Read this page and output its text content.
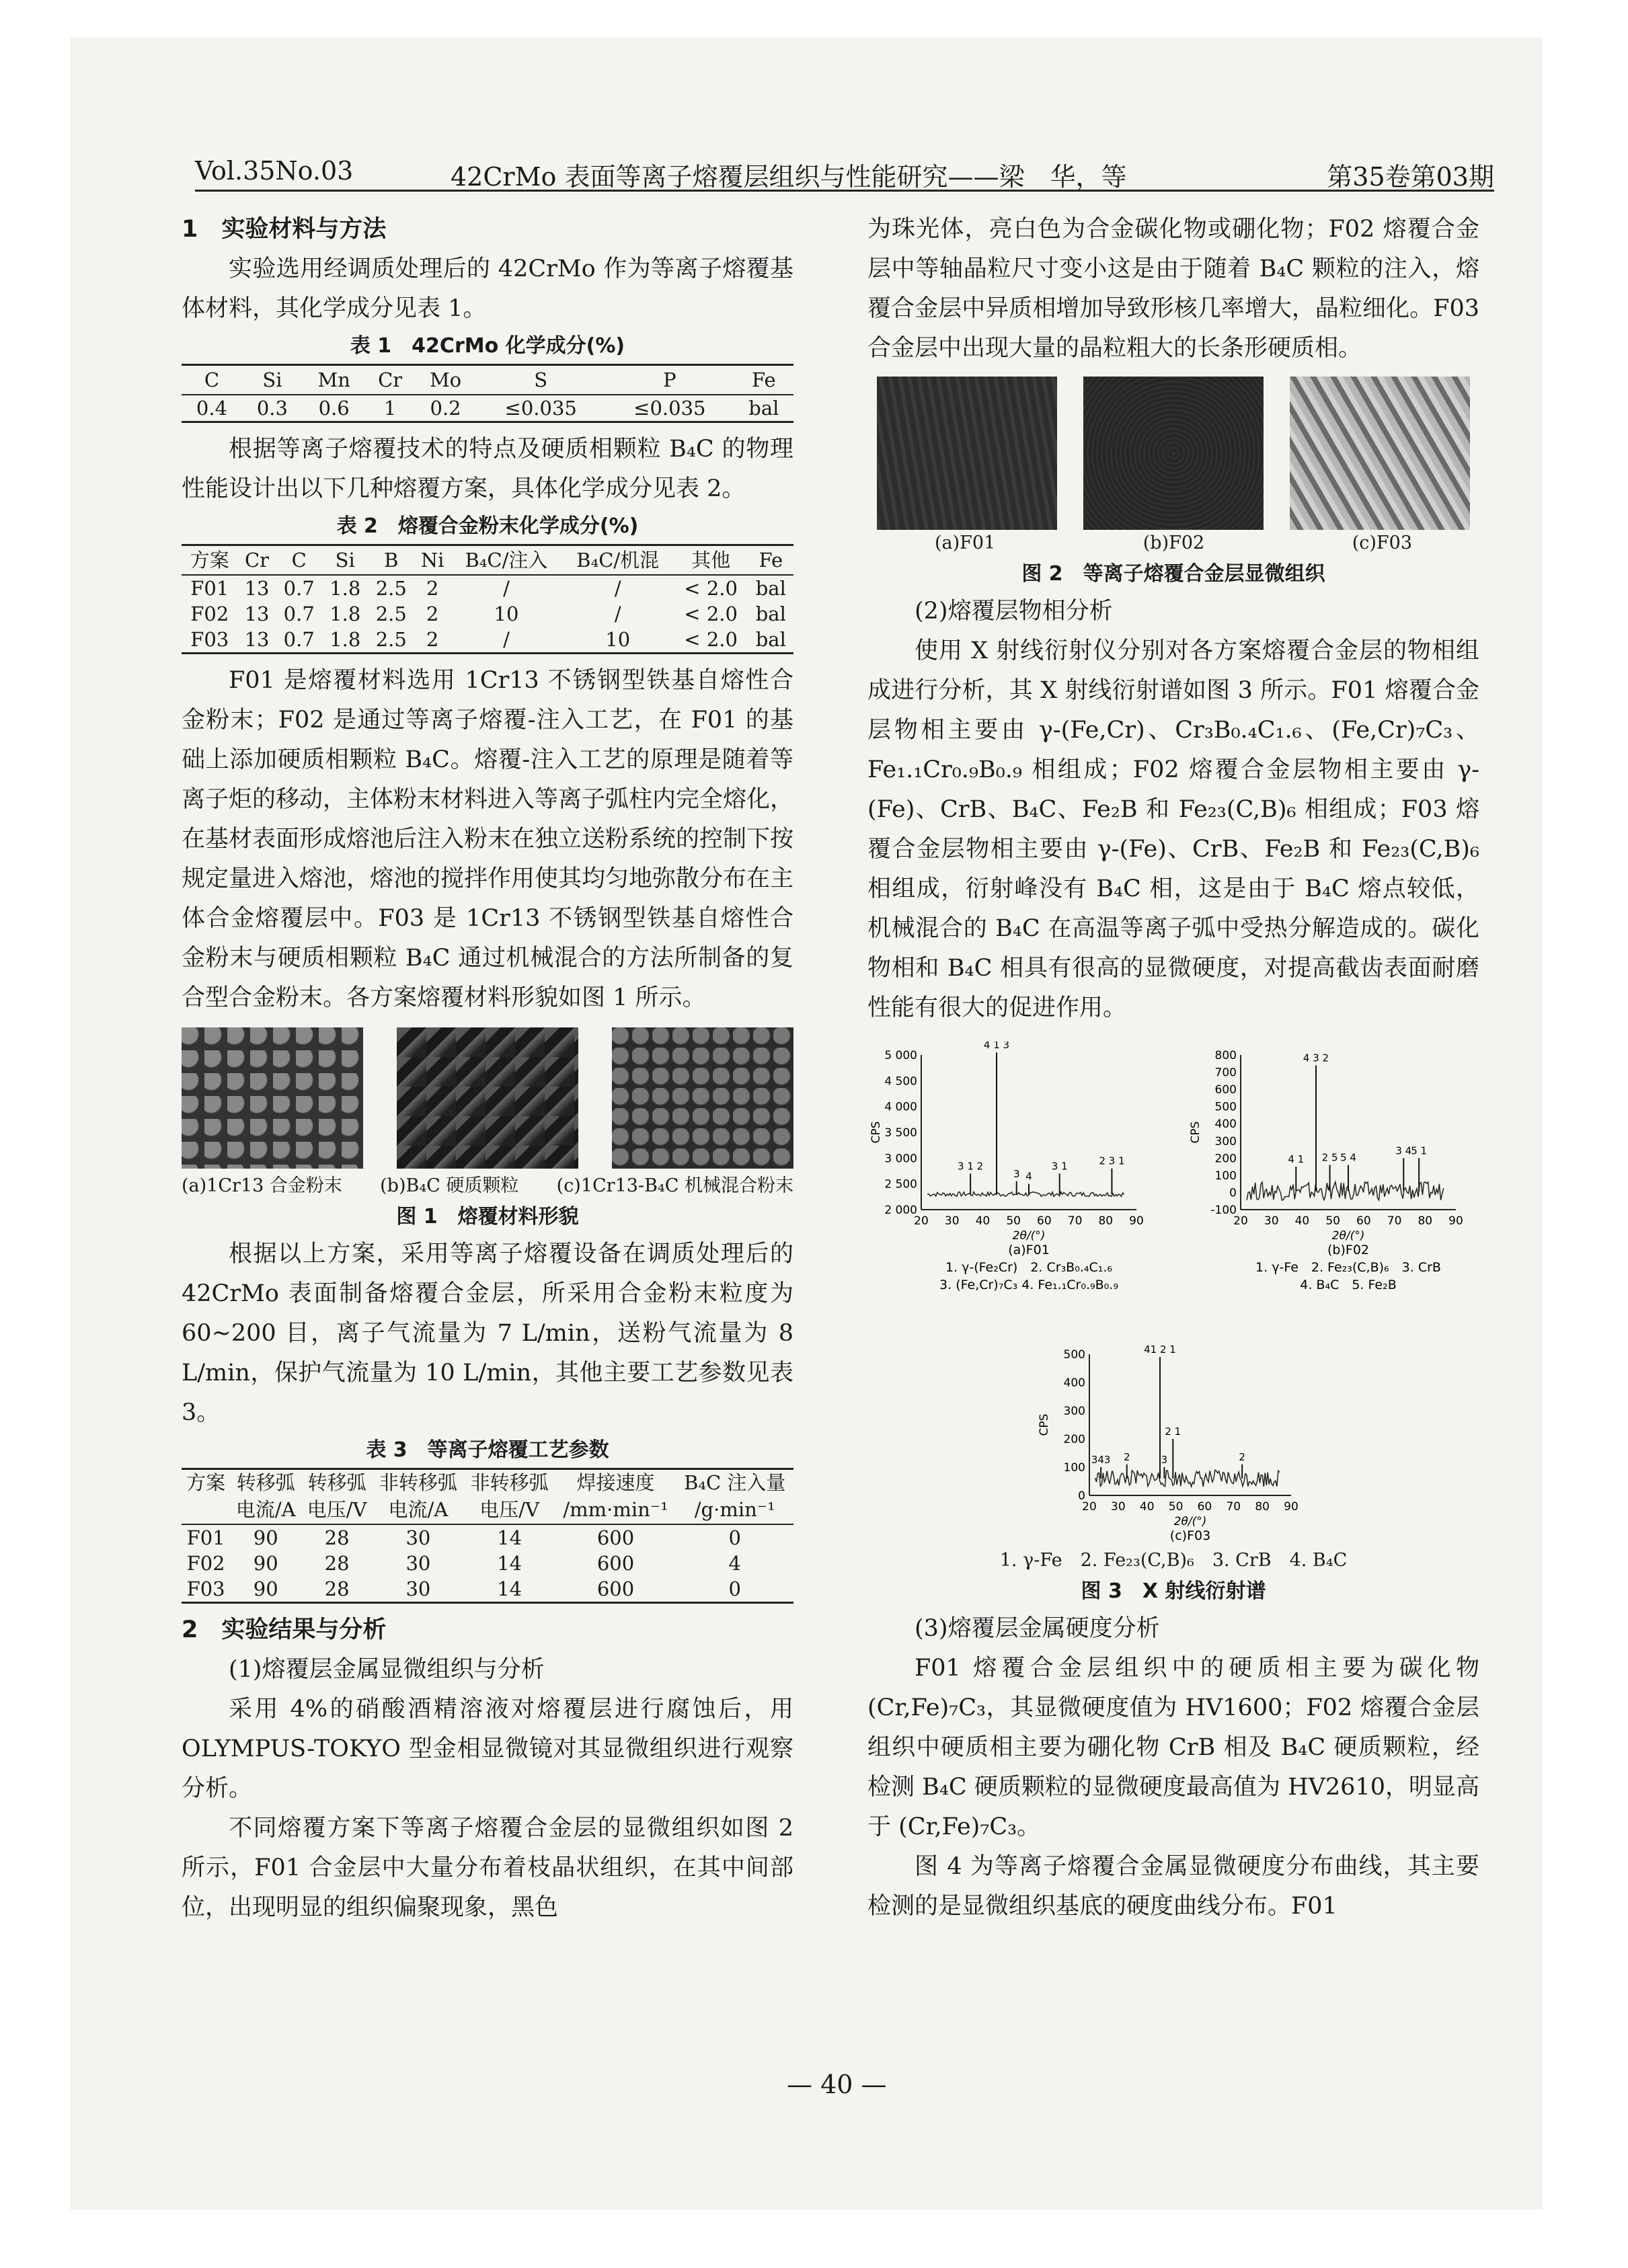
Vol.35No.03	42CrMo 表面等离子熔覆层组织与性能研究——梁　华，等	第35卷第03期

1　实验材料与方法

实验选用经调质处理后的 42CrMo 作为等离子熔覆基体材料，其化学成分见表 1。

表 1　42CrMo 化学成分(%)

C	Si	Mn	Cr	Mo	S	P	Fe
0.4	0.3	0.6	1	0.2	≤0.035	≤0.035	bal

根据等离子熔覆技术的特点及硬质相颗粒 B₄C 的物理性能设计出以下几种熔覆方案，具体化学成分见表 2。

表 2　熔覆合金粉末化学成分(%)

方案	Cr	C	Si	B	Ni	B₄C/注入	B₄C/机混	其他	Fe
F01	13	0.7	1.8	2.5	2	/	/	< 2.0	bal
F02	13	0.7	1.8	2.5	2	10	/	< 2.0	bal
F03	13	0.7	1.8	2.5	2	/	10	< 2.0	bal

F01 是熔覆材料选用 1Cr13 不锈钢型铁基自熔性合金粉末；F02 是通过等离子熔覆-注入工艺，在 F01 的基础上添加硬质相颗粒 B₄C。熔覆-注入工艺的原理是随着等离子炬的移动，主体粉末材料进入等离子弧柱内完全熔化，在基材表面形成熔池后注入粉末在独立送粉系统的控制下按规定量进入熔池，熔池的搅拌作用使其均匀地弥散分布在主体合金熔覆层中。F03 是 1Cr13 不锈钢型铁基自熔性合金粉末与硬质相颗粒 B₄C 通过机械混合的方法所制备的复合型合金粉末。各方案熔覆材料形貌如图 1 所示。

(a)1Cr13 合金粉末 (b)B₄C 硬质颗粒 (c)1Cr13-B₄C 机械混合粉末

图 1　熔覆材料形貌

根据以上方案，采用等离子熔覆设备在调质处理后的 42CrMo 表面制备熔覆合金层，所采用合金粉末粒度为 60~200 目，离子气流量为 7 L/min，送粉气流量为 8 L/min，保护气流量为 10 L/min，其他主要工艺参数见表 3。

表 3　等离子熔覆工艺参数

方案	转移弧	转移弧	非转移弧	非转移弧	焊接速度	B₄C 注入量
	电流/A	电压/V	电流/A	电压/V	/mm·min⁻¹	/g·min⁻¹
F01	90	28	30	14	600	0
F02	90	28	30	14	600	4
F03	90	28	30	14	600	0

2　实验结果与分析

(1)熔覆层金属显微组织与分析

采用 4%的硝酸酒精溶液对熔覆层进行腐蚀后，用 OLYMPUS-TOKYO 型金相显微镜对其显微组织进行观察分析。

不同熔覆方案下等离子熔覆合金层的显微组织如图 2 所示，F01 合金层中大量分布着枝晶状组织，在其中间部位，出现明显的组织偏聚现象，黑色

为珠光体，亮白色为合金碳化物或硼化物；F02 熔覆合金层中等轴晶粒尺寸变小这是由于随着 B₄C 颗粒的注入，熔覆合金层中异质相增加导致形核几率增大，晶粒细化。F03 合金层中出现大量的晶粒粗大的长条形硬质相。

(a)F01	(b)F02	(c)F03

图 2　等离子熔覆合金层显微组织

(2)熔覆层物相分析

使用 X 射线衍射仪分别对各方案熔覆合金层的物相组成进行分析，其 X 射线衍射谱如图 3 所示。F01 熔覆合金层物相主要由 γ-(Fe,Cr)、Cr₃B₀.₄C₁.₆、(Fe,Cr)₇C₃、Fe₁.₁Cr₀.₉B₀.₉ 相组成；F02 熔覆合金层物相主要由 γ-(Fe)、CrB、B₄C、Fe₂B 和 Fe₂₃(C,B)₆ 相组成；F03 熔覆合金层物相主要由 γ-(Fe)、CrB、Fe₂B 和 Fe₂₃(C,B)₆ 相组成，衍射峰没有 B₄C 相，这是由于 B₄C 熔点较低，机械混合的 B₄C 在高温等离子弧中受热分解造成的。碳化物相和 B₄C 相具有很高的显微硬度，对提高截齿表面耐磨性能有很大的促进作用。

20 30 40 50 60 70 80 90
2 000
2 500
3 000
3 500
4 000
4 500
5 000
2θ/(°)
CPS
(a)F01
4 1 3
3 1 2
3 4
3 1	2 3 1
1. γ-(Fe₂Cr)　2. Cr₃B₀.₄C₁.₆
3. (Fe,Cr)₇C₃ 4. Fe₁.₁Cr₀.₉B₀.₉
20 30 40 50 60 70 80 90
-100
0
100
200
300
400
500
600
700
800
2θ/(°)
CPS
(b)F02
4 3 2
4 1 2 5 5 4
3 4
5 1
1. γ-Fe　2. Fe₂₃(C,B)₆　3. CrB
4. B₄C　5. Fe₂B
20 30 40 50 60 70 80 90
0
100
200
300
400
500
2θ/(°)
CPS
(c)F03
41 2 1
2 1
343 2	3	2

1. γ-Fe　2. Fe₂₃(C,B)₆　3. CrB　4. B₄C

图 3　X 射线衍射谱

(3)熔覆层金属硬度分析

F01 熔覆合金层组织中的硬质相主要为碳化物 (Cr,Fe)₇C₃，其显微硬度值为 HV1600；F02 熔覆合金层组织中硬质相主要为硼化物 CrB 相及 B₄C 硬质颗粒，经检测 B₄C 硬质颗粒的显微硬度最高值为 HV2610，明显高于 (Cr,Fe)₇C₃。

图 4 为等离子熔覆合金属显微硬度分布曲线，其主要检测的是显微组织基底的硬度曲线分布。F01

— 40 —
